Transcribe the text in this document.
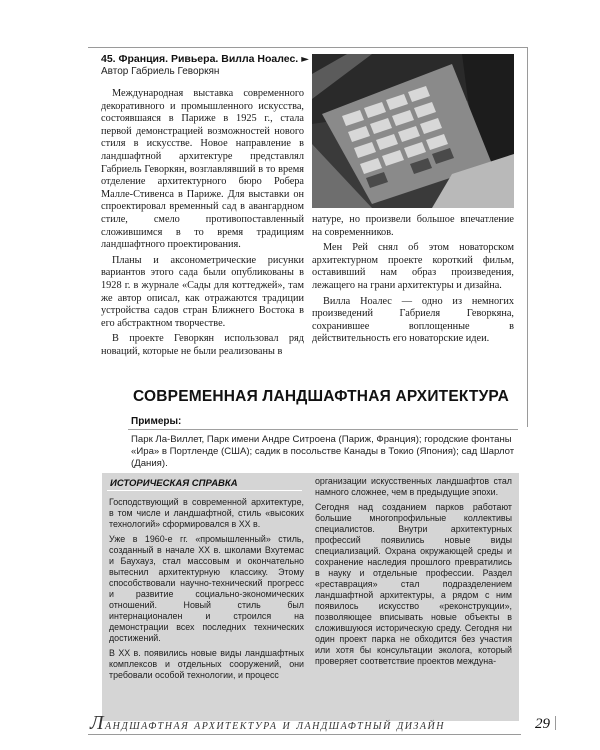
45. Франция. Ривьера. Вилла Ноалес. ►
Автор Габриель Геворкян

Международная выставка современного декоративного и промышленного искусства, состоявшаяся в Париже в 1925 г., стала первой демонстрацией возможностей нового стиля в искусстве. Новое направление в ландшафтной архитектуре представлял Габриель Геворкян, возглавлявший в то время отделение архитектурного бюро Робера Малле-Стивенса в Париже. Для выставки он спроектировал временный сад в авангардном стиле, смело противопоставленный сложившимся в то время традициям ландшафтного проектирования.

Планы и аксонометрические рисунки вариантов этого сада были опубликованы в 1928 г. в журнале «Сады для коттеджей», там же автор описал, как отражаются традиции устройства садов стран Ближнего Востока в его абстрактном творчестве.

В проекте Геворкян использовал ряд новаций, которые не были реализованы в

натуре, но произвели большое впечатление на современников.

Мен Рей снял об этом новаторском архитектурном проекте короткий фильм, оставивший нам образ произведения, лежащего на грани архитектуры и дизайна.

Вилла Ноалес — одно из немногих произведений Габриеля Геворкяна, сохранившее воплощенные в действительность его новаторские идеи.

СОВРЕМЕННАЯ ЛАНДШАФТНАЯ АРХИТЕКТУРА
Примеры:
Парк Ла-Виллет, Парк имени Андре Ситроена (Париж, Франция); городские фонтаны «Ира» в Портленде (США); садик в посольстве Канады в Токио (Япония); сад Шарлот (Дания).
ИСТОРИЧЕСКАЯ СПРАВКА

Господствующий в современной архитектуре, в том числе и ландшафтной, стиль «высоких технологий» сформировался в XX в.

Уже в 1960-е гг. «промышленный» стиль, созданный в начале XX в. школами Вхутемас и Баухауз, стал массовым и окончательно вытеснил архитектурную классику. Этому способствовали научно-технический прогресс и развитие социально-экономических отношений. Новый стиль был интернационален и строился на демонстрации всех последних технических достижений.

В XX в. появились новые виды ландшафтных комплексов и отдельных сооружений, они требовали особой технологии, и процесс

организации искусственных ландшафтов стал намного сложнее, чем в предыдущие эпохи.

Сегодня над созданием парков работают большие многопрофильные коллективы специалистов. Внутри архитектурных профессий появились новые виды специализаций. Охрана окружающей среды и сохранение наследия прошлого превратились в науку и отдельные профессии. Раздел «реставрация» стал подразделением ландшафтной архитектуры, а рядом с ним появилось искусство «реконструкции», позволяющее вписывать новые объекты в сложившуюся историческую среду. Сегодня ни один проект парка не обходится без участия или хотя бы консультации эколога, который проверяет соответствие проектов междуна-

Ландшафтная архитектура и ландшафтный дизайн	29
